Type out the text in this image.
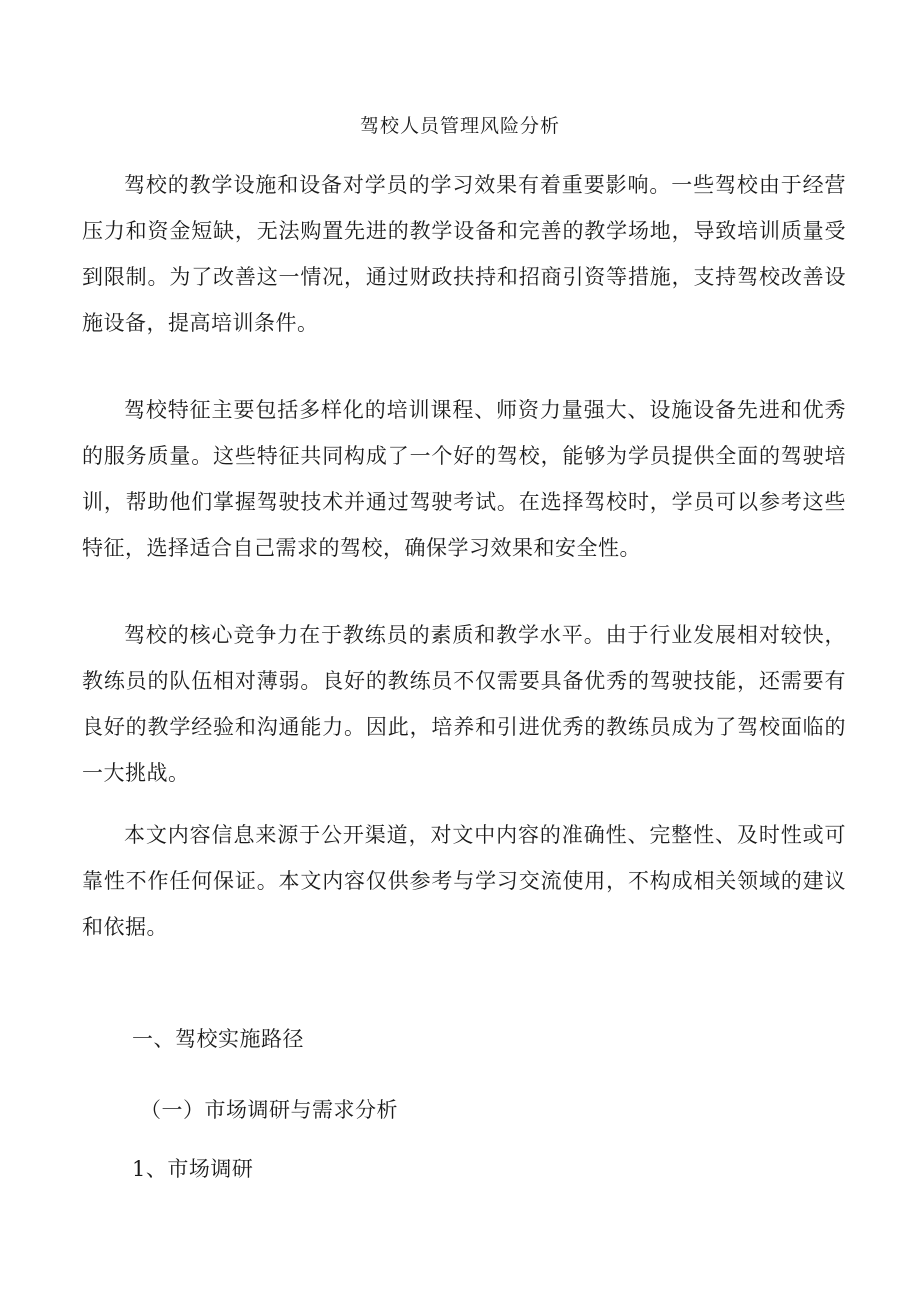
驾校人员管理风险分析

驾校的教学设施和设备对学员的学习效果有着重要影响。一些驾校由于经营压力和资金短缺，无法购置先进的教学设备和完善的教学场地，导致培训质量受到限制。为了改善这一情况，通过财政扶持和招商引资等措施，支持驾校改善设施设备，提高培训条件。

驾校特征主要包括多样化的培训课程、师资力量强大、设施设备先进和优秀的服务质量。这些特征共同构成了一个好的驾校，能够为学员提供全面的驾驶培训，帮助他们掌握驾驶技术并通过驾驶考试。在选择驾校时，学员可以参考这些特征，选择适合自己需求的驾校，确保学习效果和安全性。

驾校的核心竞争力在于教练员的素质和教学水平。由于行业发展相对较快，教练员的队伍相对薄弱。良好的教练员不仅需要具备优秀的驾驶技能，还需要有良好的教学经验和沟通能力。因此，培养和引进优秀的教练员成为了驾校面临的一大挑战。

本文内容信息来源于公开渠道，对文中内容的准确性、完整性、及时性或可靠性不作任何保证。本文内容仅供参考与学习交流使用，不构成相关领域的建议和依据。

一、驾校实施路径
（一）市场调研与需求分析
1、市场调研
